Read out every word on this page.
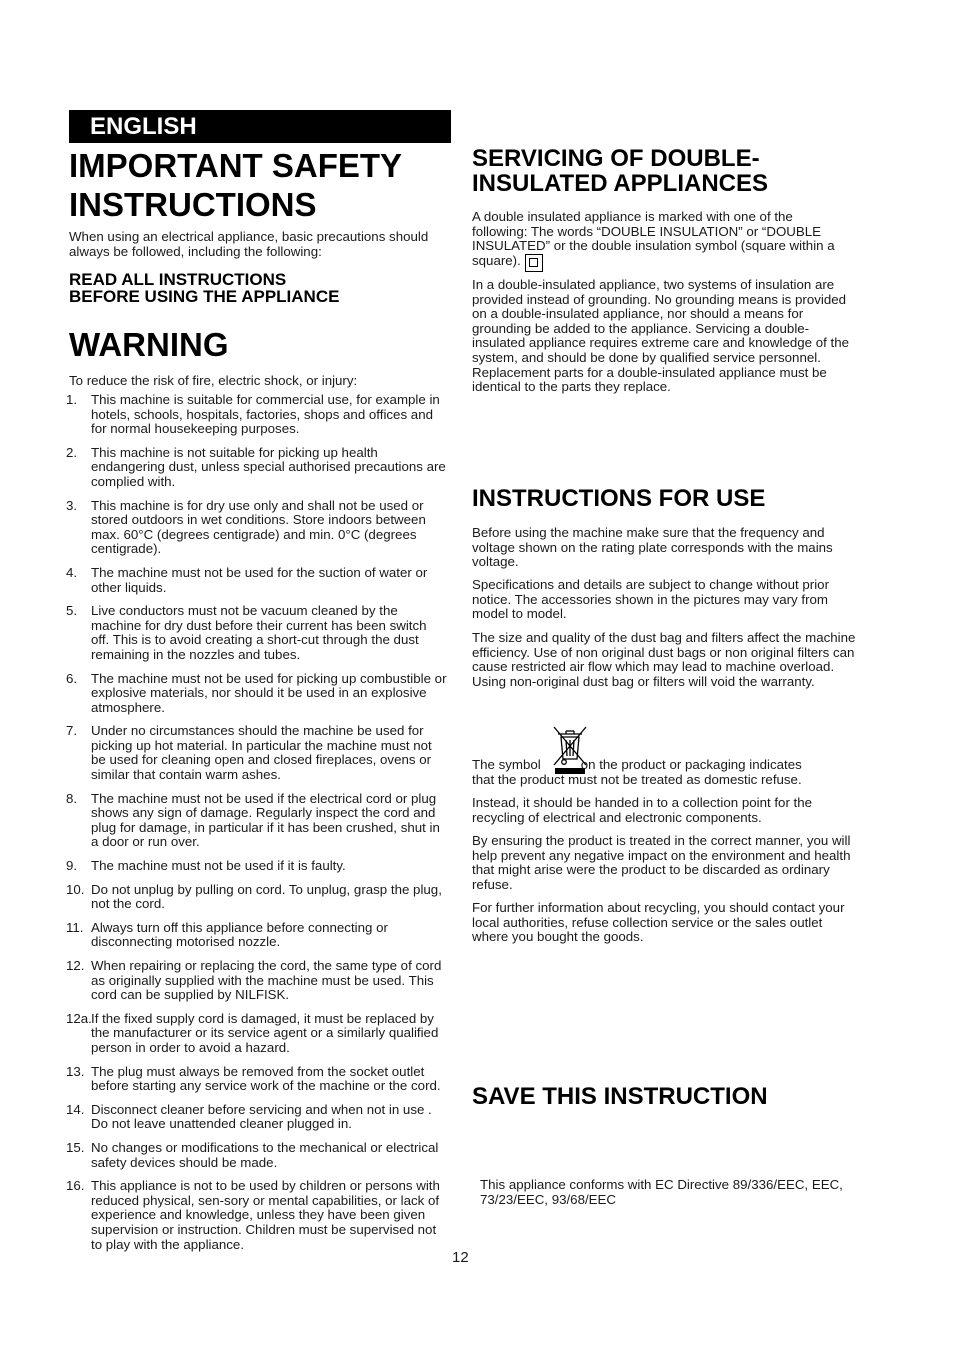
ENGLISH
IMPORTANT SAFETY
INSTRUCTIONS

When using an electrical appliance, basic precautions should always be followed, including the following:

READ ALL INSTRUCTIONS
BEFORE USING THE APPLIANCE
WARNING

To reduce the risk of fire, electric shock, or injury:

1.	This machine is suitable for commercial use, for example in hotels, schools, hospitals, factories, shops and offices and for normal housekeeping purposes.
2.	This machine is not suitable for picking up health endangering dust, unless special authorised precautions are complied with.
3.	This machine is for dry use only and shall not be used or stored outdoors in wet conditions. Store indoors between max. 60°C (degrees centigrade) and min. 0°C (degrees centigrade).
4.	The machine must not be used for the suction of water or other liquids.
5.	Live conductors must not be vacuum cleaned by the machine for dry dust before their current has been switch off. This is to avoid creating a short-cut through the dust remaining in the nozzles and tubes.
6.	The machine must not be used for picking up combustible or explosive materials, nor should it be used in an explosive atmosphere.
7.	Under no circumstances should the machine be used for picking up hot material. In particular the machine must not be used for cleaning open and closed fireplaces, ovens or similar that contain warm ashes.
8.	The machine must not be used if the electrical cord or plug shows any sign of damage. Regularly inspect the cord and plug for damage, in particular if it has been crushed, shut in a door or run over.
9.	The machine must not be used if it is faulty.
10. Do not unplug by pulling on cord. To unplug, grasp the plug, not the cord.
11. Always turn off this appliance before connecting or disconnecting motorised nozzle.
12. When repairing or replacing the cord, the same type of cord as originally supplied with the machine must be used. This cord can be supplied by NILFISK.
12a. If the fixed supply cord is damaged, it must be replaced by the manufacturer or its service agent or a similarly qualified person in order to avoid a hazard.
13. The plug must always be removed from the socket outlet before starting any service work of the machine or the cord.
14. Disconnect cleaner before servicing and when not in use . Do not leave unattended cleaner plugged in.
15. No changes or modifications to the mechanical or electrical safety devices should be made.
16. This appliance is not to be used by children or persons with reduced physical, sen-sory or mental capabilities, or lack of experience and knowledge, unless they have been given supervision or instruction. Children must be supervised not to play with the appliance.
SERVICING OF DOUBLE-
INSULATED APPLIANCES

A double insulated appliance is marked with one of the following: The words “DOUBLE INSULATION” or “DOUBLE INSULATED” or the double insulation symbol (square within a square).

In a double-insulated appliance, two systems of insulation are provided instead of grounding. No grounding means is provided on a double-insulated appliance, nor should a means for grounding be added to the appliance. Servicing a double-insulated appliance requires extreme care and knowledge of the system, and should be done by qualified service personnel. Replacement parts for a double-insulated appliance must be identical to the parts they replace.

INSTRUCTIONS FOR USE

Before using the machine make sure that the frequency and voltage shown on the rating plate corresponds with the mains voltage.

Specifications and details are subject to change without prior notice. The accessories shown in the pictures may vary from model to model.

The size and quality of the dust bag and filters affect the machine efficiency. Use of non original dust bags or non original filters can cause restricted air flow which may lead to machine overload. Using non-original dust bag or filters will void the warranty.

The symbol	on the product or packaging indicates
that the product must not be treated as domestic refuse.

Instead, it should be handed in to a collection point for the recycling of electrical and electronic components.

By ensuring the product is treated in the correct manner, you will help prevent any negative impact on the environment and health that might arise were the product to be discarded as ordinary refuse.

For further information about recycling, you should contact your local authorities, refuse collection service or the sales outlet where you bought the goods.

SAVE THIS INSTRUCTION

This appliance conforms with EC Directive 89/336/EEC, EEC, 73/23/EEC, 93/68/EEC

12
